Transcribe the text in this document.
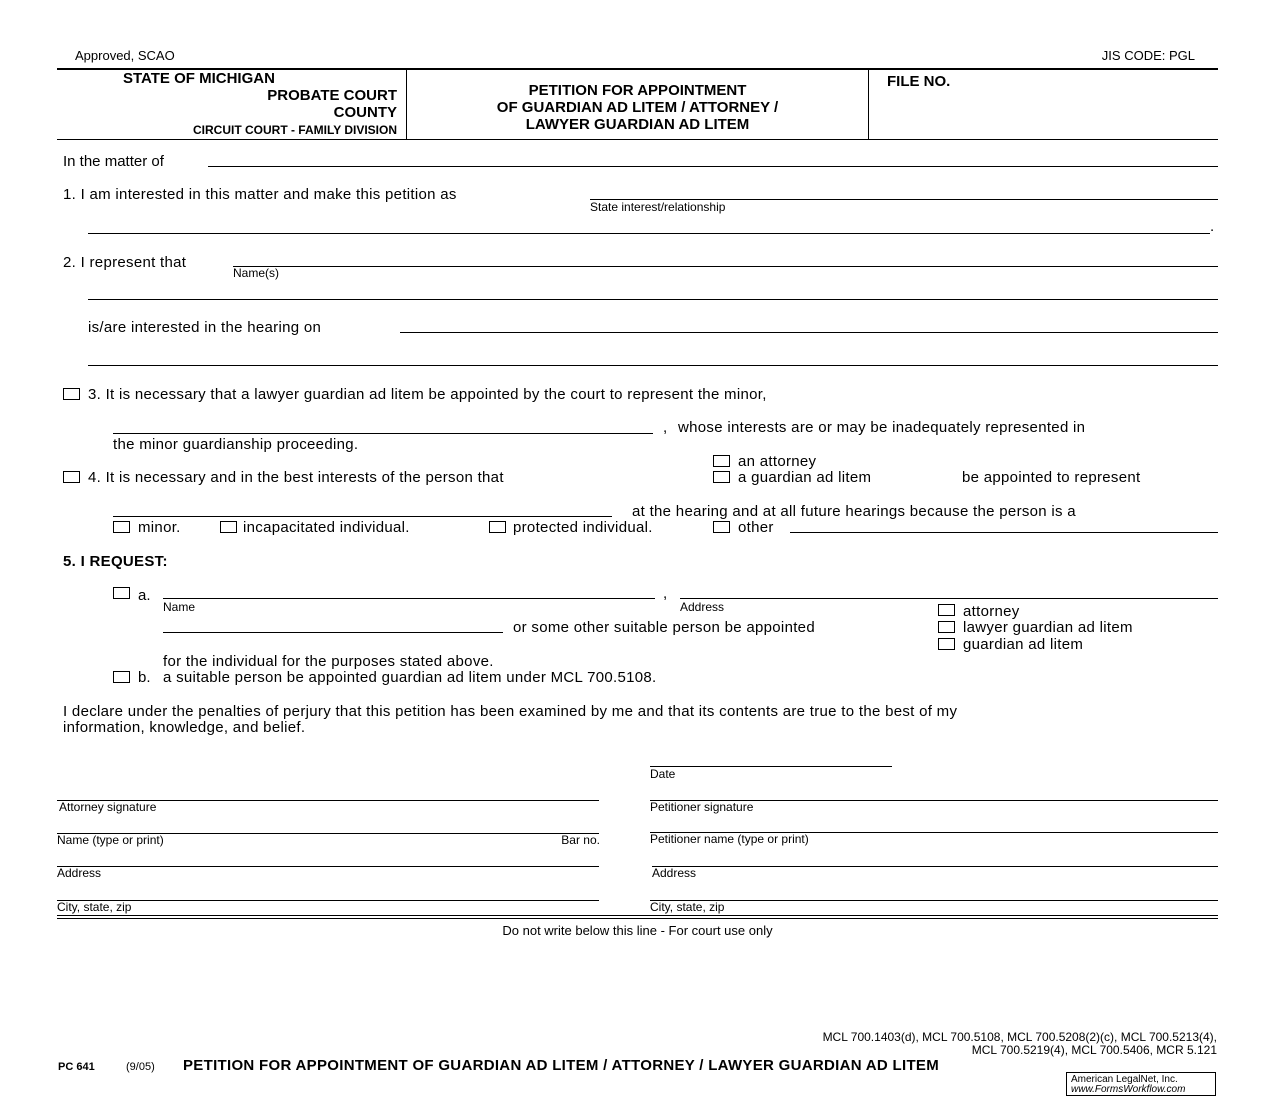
Approved, SCAO	JIS CODE: PGL
STATE OF MICHIGAN
PROBATE COURT
COUNTY
CIRCUIT COURT - FAMILY DIVISION
PETITION FOR APPOINTMENT
OF GUARDIAN AD LITEM / ATTORNEY /
LAWYER GUARDIAN AD LITEM
FILE NO.
In the matter of
1. I am interested in this matter and make this petition as
State interest/relationship
.
2. I represent that
Name(s)
is/are interested in the hearing on
3. It is necessary that a lawyer guardian ad litem be appointed by the court to represent the minor,
, whose interests are or may be inadequately represented in
the minor guardianship proceeding.
4. It is necessary and in the best interests of the person that
an attorney
a guardian ad litem	be appointed to represent
at the hearing and at all future hearings because the person is a
minor.	incapacitated individual.	protected individual.	other
5. I REQUEST:
a.	,
Name	Address
or some other suitable person be appointed
attorney
lawyer guardian ad litem
guardian ad litem
for the individual for the purposes stated above.
b. a suitable person be appointed guardian ad litem under MCL 700.5108.
I declare under the penalties of perjury that this petition has been examined by me and that its contents are true to the best of my
information, knowledge, and belief.
Date
Attorney signature	Petitioner signature
Name (type or print)	Bar no.	Petitioner name (type or print)
Address	Address
City, state, zip	City, state, zip
Do not write below this line - For court use only
MCL 700.1403(d), MCL 700.5108, MCL 700.5208(2)(c), MCL 700.5213(4),
MCL 700.5219(4), MCL 700.5406, MCR 5.121
PC 641	(9/05) PETITION FOR APPOINTMENT OF GUARDIAN AD LITEM / ATTORNEY / LAWYER GUARDIAN AD LITEM
American LegalNet, Inc.
www.FormsWorkflow.com
